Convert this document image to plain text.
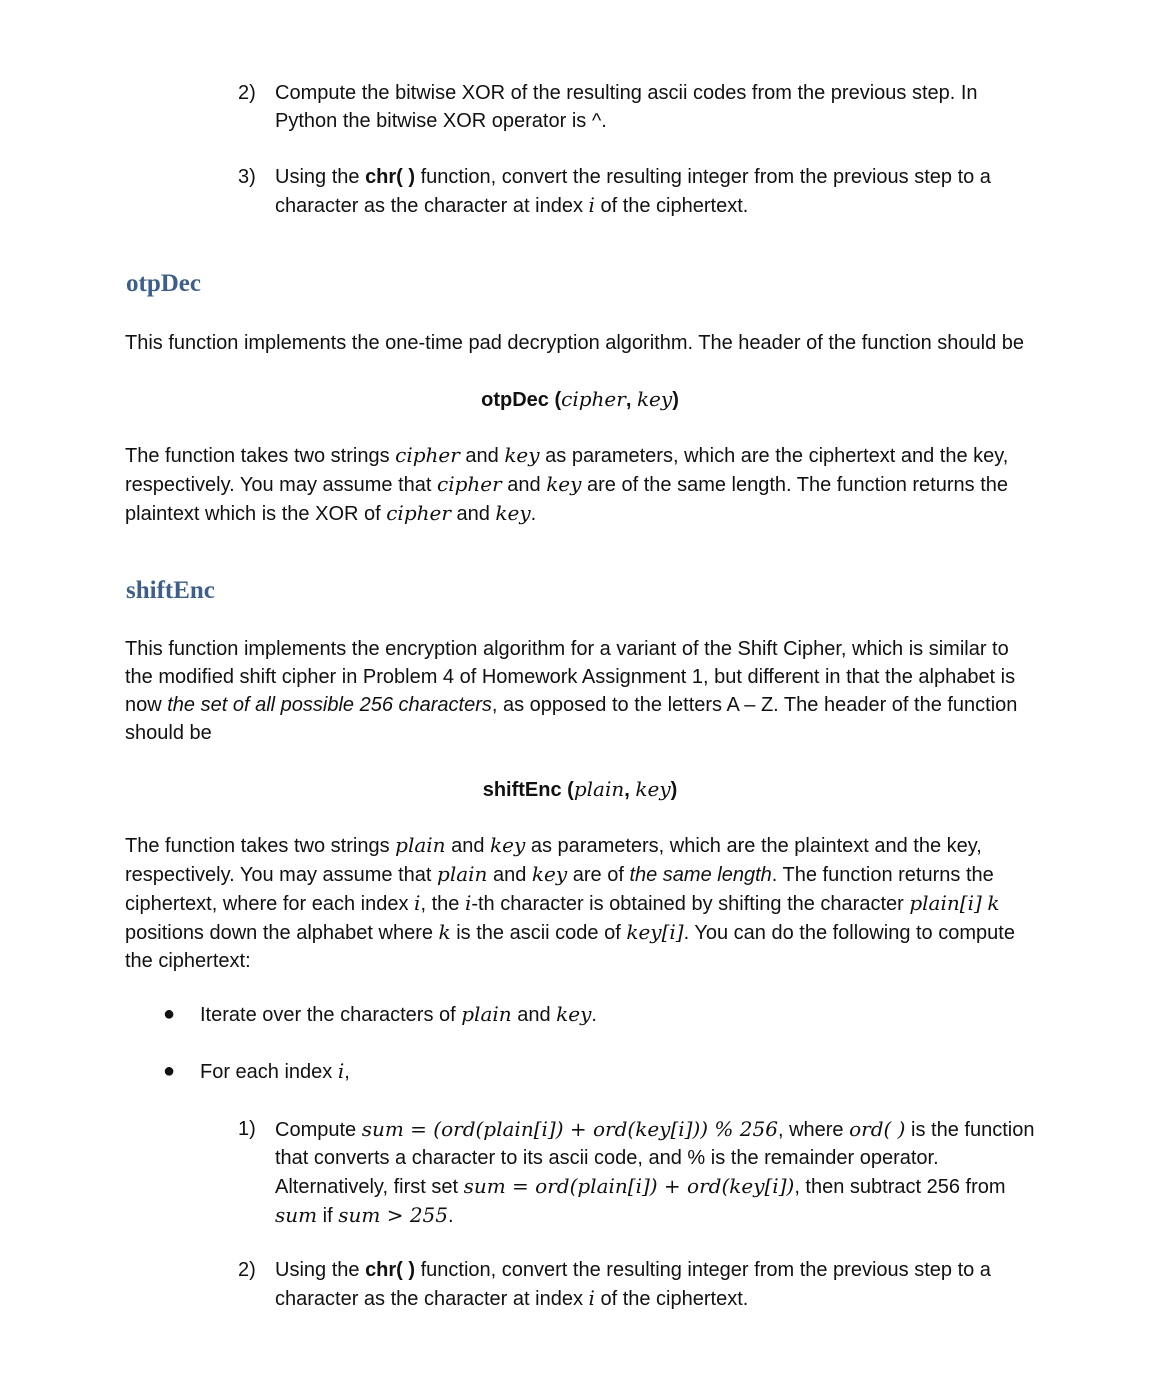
2) Compute the bitwise XOR of the resulting ascii codes from the previous step. In Python the bitwise XOR operator is ^.
3) Using the chr( ) function, convert the resulting integer from the previous step to a character as the character at index i of the ciphertext.
otpDec
This function implements the one-time pad decryption algorithm. The header of the function should be
otpDec (cipher, key)
The function takes two strings cipher and key as parameters, which are the ciphertext and the key, respectively. You may assume that cipher and key are of the same length. The function returns the plaintext which is the XOR of cipher and key.
shiftEnc
This function implements the encryption algorithm for a variant of the Shift Cipher, which is similar to the modified shift cipher in Problem 4 of Homework Assignment 1, but different in that the alphabet is now the set of all possible 256 characters, as opposed to the letters A – Z. The header of the function should be
shiftEnc (plain, key)
The function takes two strings plain and key as parameters, which are the plaintext and the key, respectively. You may assume that plain and key are of the same length. The function returns the ciphertext, where for each index i, the i-th character is obtained by shifting the character plain[i] k positions down the alphabet where k is the ascii code of key[i]. You can do the following to compute the ciphertext:
● Iterate over the characters of plain and key.
● For each index i,
1) Compute sum = (ord(plain[i]) + ord(key[i])) % 256, where ord( ) is the function that converts a character to its ascii code, and % is the remainder operator. Alternatively, first set sum = ord(plain[i]) + ord(key[i]), then subtract 256 from sum if sum > 255.
2) Using the chr( ) function, convert the resulting integer from the previous step to a character as the character at index i of the ciphertext.
